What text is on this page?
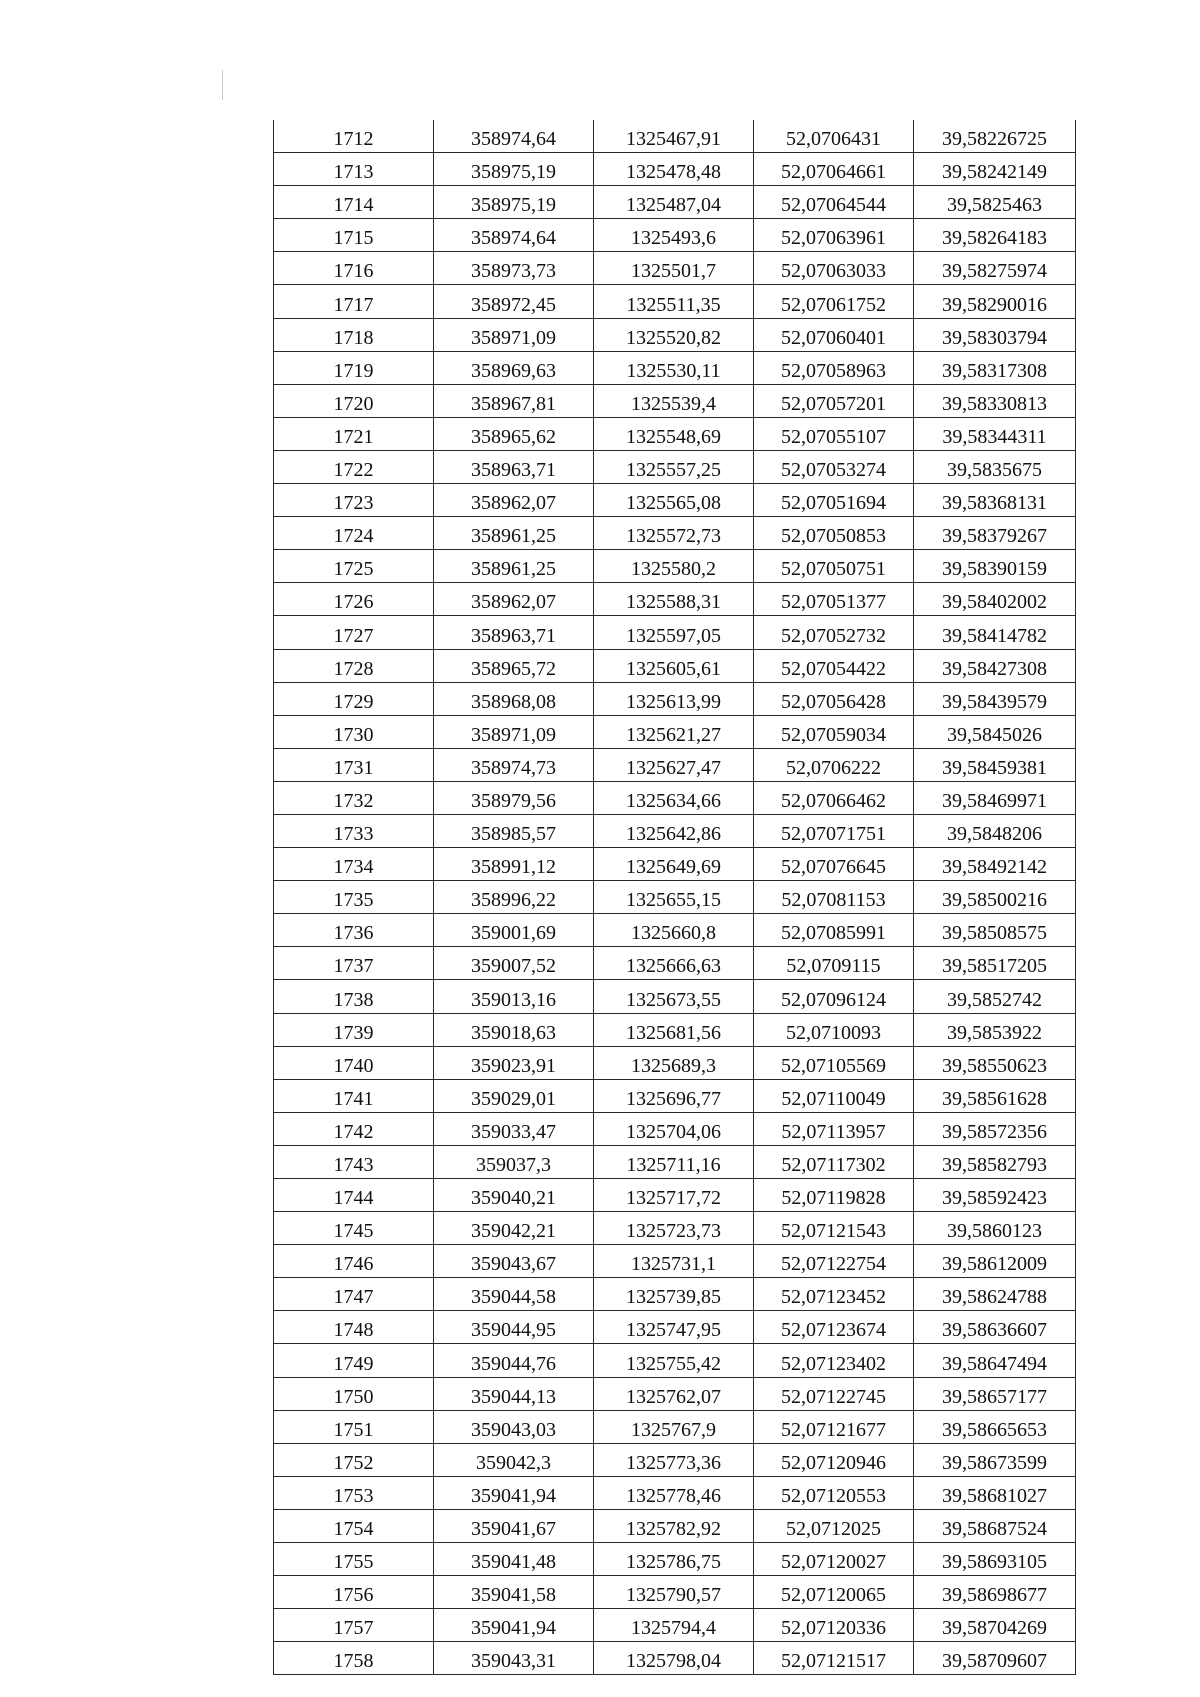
1712	358974,64	1325467,91	52,0706431	39,58226725
1713	358975,19	1325478,48	52,07064661	39,58242149
1714	358975,19	1325487,04	52,07064544	39,5825463
1715	358974,64	1325493,6	52,07063961	39,58264183
1716	358973,73	1325501,7	52,07063033	39,58275974
1717	358972,45	1325511,35	52,07061752	39,58290016
1718	358971,09	1325520,82	52,07060401	39,58303794
1719	358969,63	1325530,11	52,07058963	39,58317308
1720	358967,81	1325539,4	52,07057201	39,58330813
1721	358965,62	1325548,69	52,07055107	39,58344311
1722	358963,71	1325557,25	52,07053274	39,5835675
1723	358962,07	1325565,08	52,07051694	39,58368131
1724	358961,25	1325572,73	52,07050853	39,58379267
1725	358961,25	1325580,2	52,07050751	39,58390159
1726	358962,07	1325588,31	52,07051377	39,58402002
1727	358963,71	1325597,05	52,07052732	39,58414782
1728	358965,72	1325605,61	52,07054422	39,58427308
1729	358968,08	1325613,99	52,07056428	39,58439579
1730	358971,09	1325621,27	52,07059034	39,5845026
1731	358974,73	1325627,47	52,0706222	39,58459381
1732	358979,56	1325634,66	52,07066462	39,58469971
1733	358985,57	1325642,86	52,07071751	39,5848206
1734	358991,12	1325649,69	52,07076645	39,58492142
1735	358996,22	1325655,15	52,07081153	39,58500216
1736	359001,69	1325660,8	52,07085991	39,58508575
1737	359007,52	1325666,63	52,0709115	39,58517205
1738	359013,16	1325673,55	52,07096124	39,5852742
1739	359018,63	1325681,56	52,0710093	39,5853922
1740	359023,91	1325689,3	52,07105569	39,58550623
1741	359029,01	1325696,77	52,07110049	39,58561628
1742	359033,47	1325704,06	52,07113957	39,58572356
1743	359037,3	1325711,16	52,07117302	39,58582793
1744	359040,21	1325717,72	52,07119828	39,58592423
1745	359042,21	1325723,73	52,07121543	39,5860123
1746	359043,67	1325731,1	52,07122754	39,58612009
1747	359044,58	1325739,85	52,07123452	39,58624788
1748	359044,95	1325747,95	52,07123674	39,58636607
1749	359044,76	1325755,42	52,07123402	39,58647494
1750	359044,13	1325762,07	52,07122745	39,58657177
1751	359043,03	1325767,9	52,07121677	39,58665653
1752	359042,3	1325773,36	52,07120946	39,58673599
1753	359041,94	1325778,46	52,07120553	39,58681027
1754	359041,67	1325782,92	52,0712025	39,58687524
1755	359041,48	1325786,75	52,07120027	39,58693105
1756	359041,58	1325790,57	52,07120065	39,58698677
1757	359041,94	1325794,4	52,07120336	39,58704269
1758	359043,31	1325798,04	52,07121517	39,58709607
